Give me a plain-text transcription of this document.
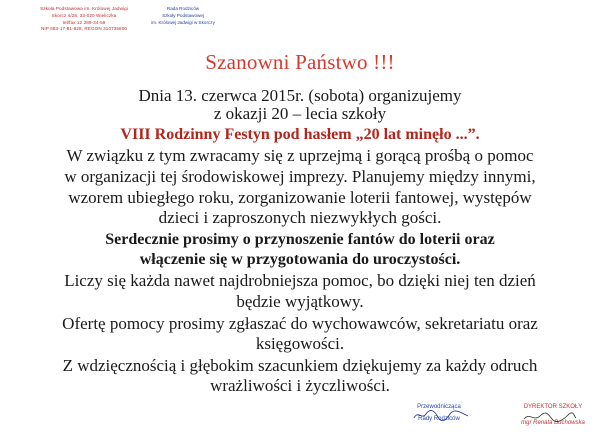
Szkoła Podstawowa im. Królowej Jadwigi
Skorcz 4/28, 33-020 Wieliczka
tel/fax 12 289-34-59
NIP 683-17-81-928, REGON 310735800
Rada Rodziców
Szkoły Podstawowej
im. Królowej Jadwigi w Skorczy
Szanowni Państwo !!!
Dnia 13. czerwca 2015r. (sobota) organizujemy
z okazji 20 – lecia szkoły
VIII Rodzinny Festyn pod hasłem „20 lat minęło ...”.
W związku z tym zwracamy się z uprzejmą i gorącą prośbą o pomoc
w organizacji tej środowiskowej imprezy. Planujemy między innymi,
wzorem ubiegłego roku, zorganizowanie loterii fantowej, występów
dzieci i zaproszonych niezwykłych gości.
Serdecznie prosimy o przynoszenie fantów do loterii oraz
włączenie się w przygotowania do uroczystości.
Liczy się każda nawet najdrobniejsza pomoc, bo dzięki niej ten dzień
będzie wyjątkowy.
Ofertę pomocy prosimy zgłaszać do wychowawców, sekretariatu oraz
księgowości.
Z wdzięcznością i głębokim szacunkiem dziękujemy za każdy odruch
wrażliwości i życzliwości.
Przewodnicząca
Rady Rodziców
DYREKTOR SZKOŁY
mgr Renata Buchowska
